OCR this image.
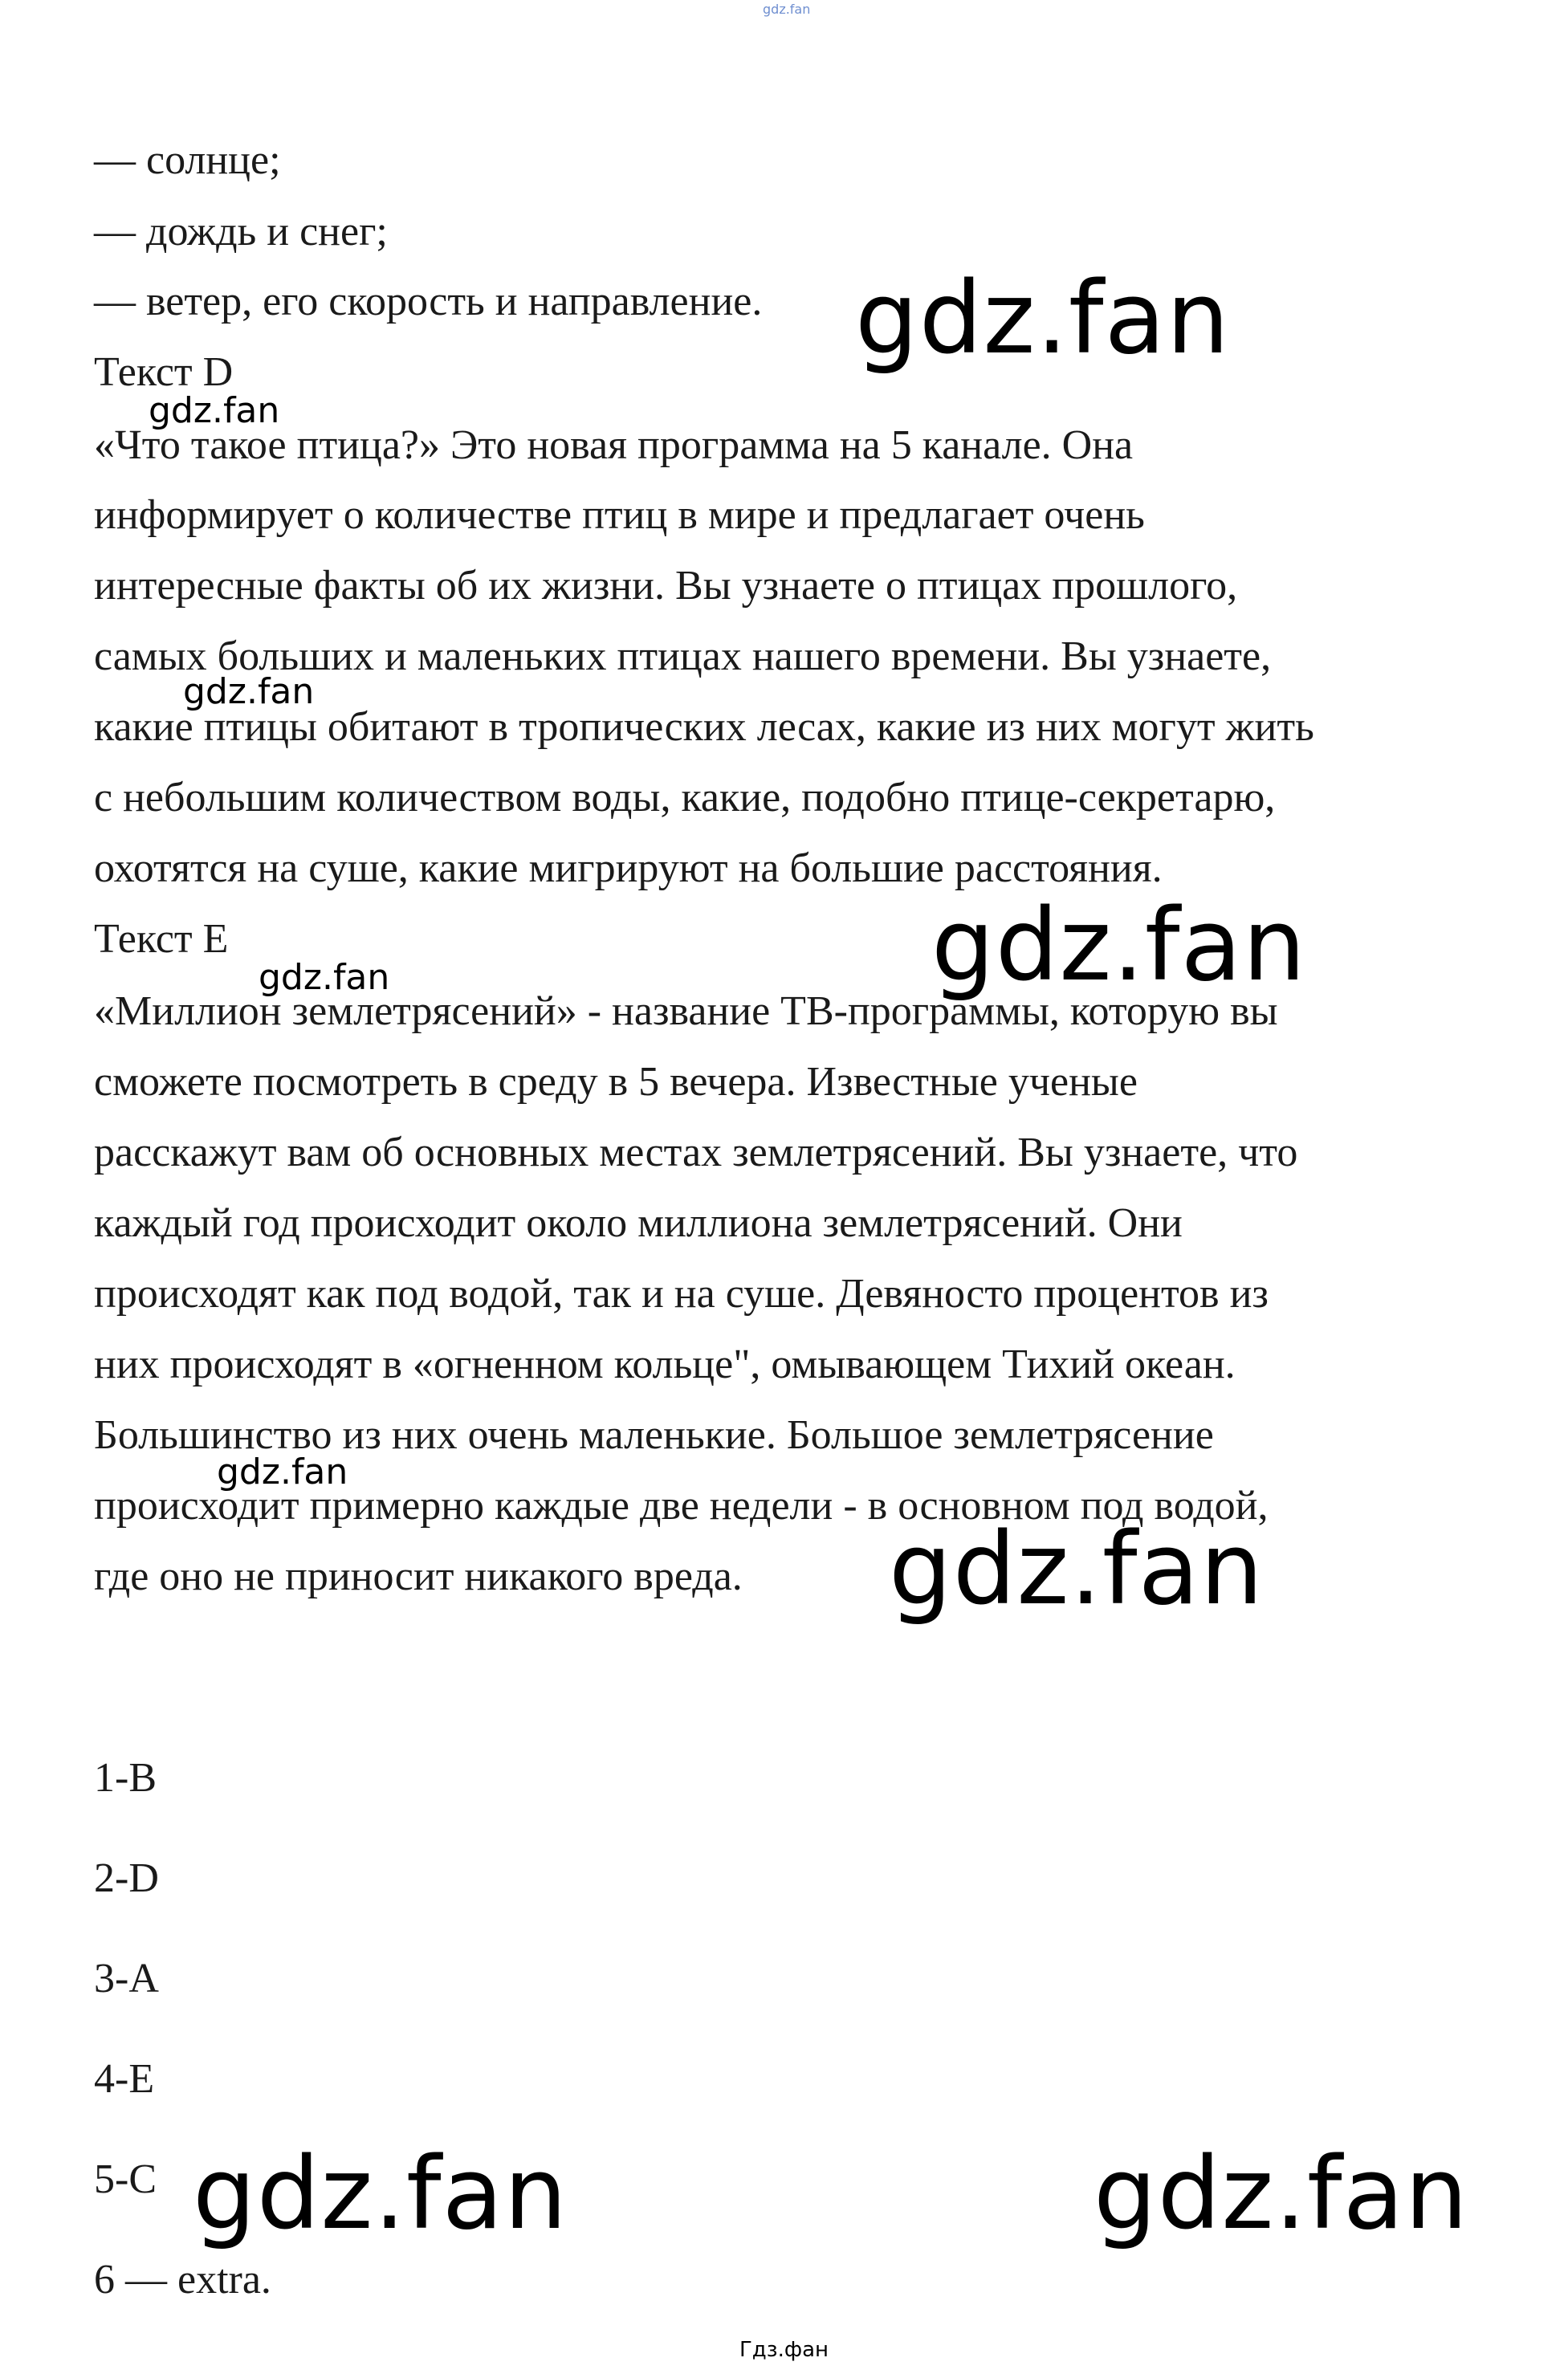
gdz.fan
— солнце;
— дождь и снег;
— ветер, его скорость и направление.
Текст D
«Что такое птица?» Это новая программа на 5 канале. Она
информирует о количестве птиц в мире и предлагает очень
интересные факты об их жизни. Вы узнаете о птицах прошлого,
самых больших и маленьких птицах нашего времени. Вы узнаете,
какие птицы обитают в тропических лесах, какие из них могут жить
с небольшим количеством воды, какие, подобно птице-секретарю,
охотятся на суше, какие мигрируют на большие расстояния.
Текст E
«Миллион землетрясений» - название ТВ-программы, которую вы
сможете посмотреть в среду в 5 вечера. Известные ученые
расскажут вам об основных местах землетрясений. Вы узнаете, что
каждый год происходит около миллиона землетрясений. Они
происходят как под водой, так и на суше. Девяносто процентов из
них происходят в «огненном кольце", омывающем Тихий океан.
Большинство из них очень маленькие. Большое землетрясение
происходит примерно каждые две недели - в основном под водой,
где оно не приносит никакого вреда.
1-B
2-D
3-A
4-E
5-C
6 — extra.
gdz.fan
gdz.fan
gdz.fan
gdz.fan
gdz.fan
gdz.fan
gdz.fan
gdz.fan	gdz.fan
Гдз.фан
